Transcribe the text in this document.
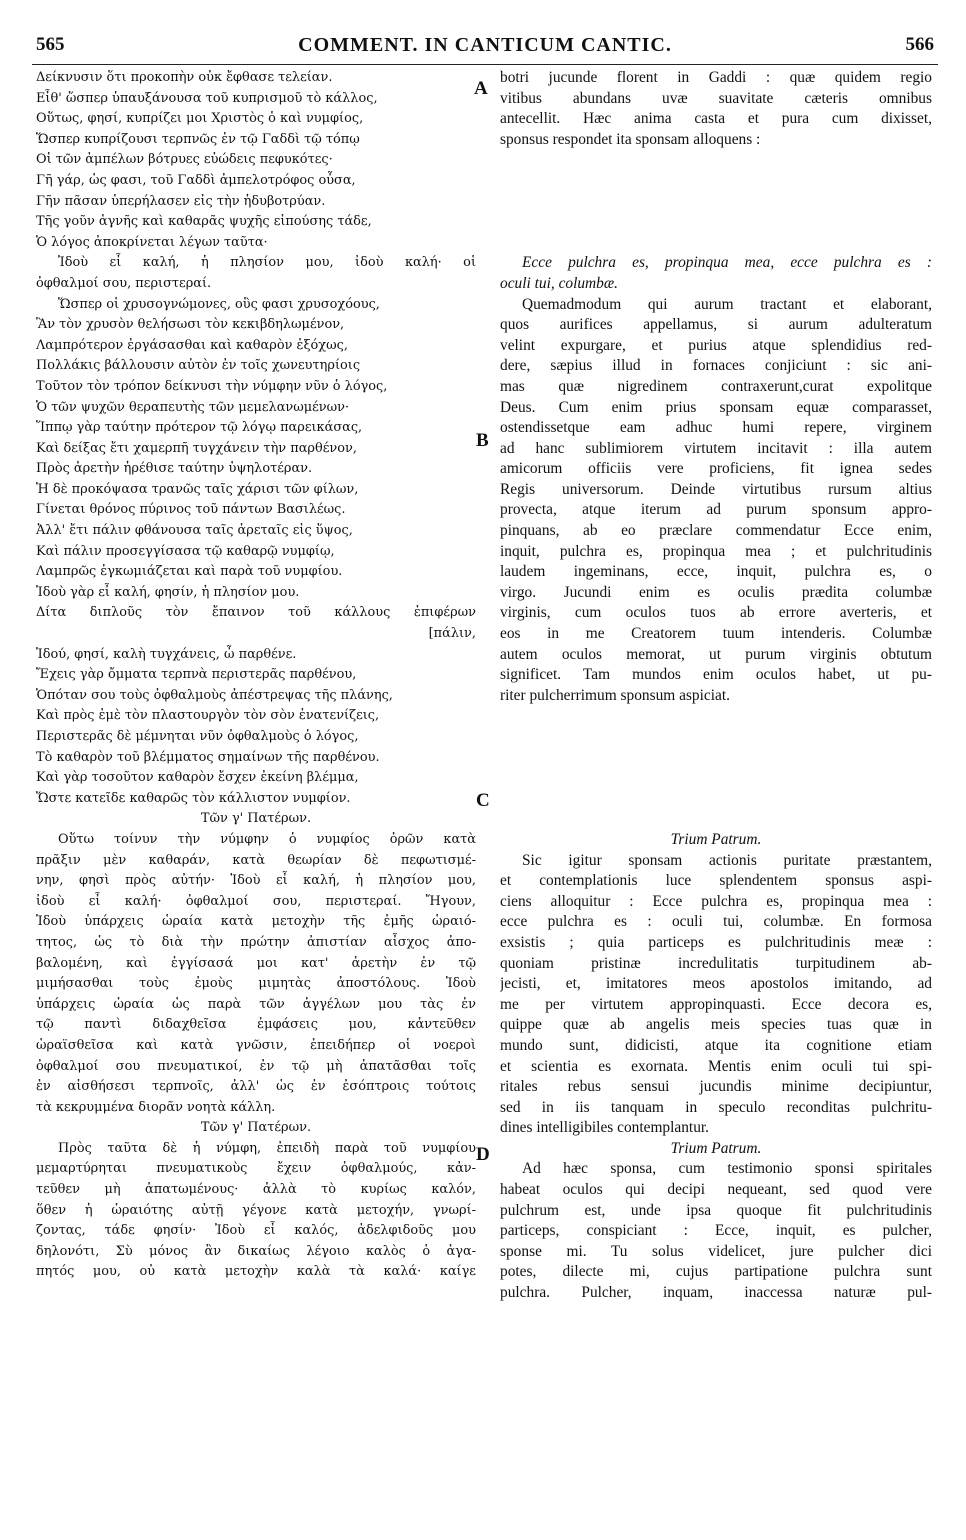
565	COMMENT. IN CANTICUM CANTIC.	566
A
B
C
D
Δείκνυσιν ὅτι προκοπὴν οὐκ ἔφθασε τελείαν.
Εἶθ' ὥσπερ ὑπαυξάνουσα τοῦ κυπρισμοῦ τὸ κάλλος,
Οὕτως, φησί, κυπρίζει μοι Χριστὸς ὁ καὶ νυμφίος,
Ὥσπερ κυπρίζουσι τερπνῶς ἐν τῷ Γαδδὶ τῷ τόπῳ
Οἱ τῶν ἀμπέλων βότρυες εὐώδεις πεφυκότες·
Γῆ γάρ, ὡς φασι, τοῦ Γαδδὶ ἀμπελοτρόφος οὖσα,
Γῆν πᾶσαν ὑπερήλασεν εἰς τὴν ἡδυβοτρύαν.
Τῆς γοῦν ἁγνῆς καὶ καθαρᾶς ψυχῆς εἰπούσης τάδε,
Ὁ λόγος ἀποκρίνεται λέγων ταῦτα·
Ἰδοὺ εἶ καλή, ἡ πλησίον μου, ἰδοὺ καλή· οἱ
ὀφθαλμοί σου, περιστεραί.
Ὥσπερ οἱ χρυσογνώμονες, οὓς φασι χρυσοχόους,
Ἂν τὸν χρυσὸν θελήσωσι τὸν κεκιβδηλωμένον,
Λαμπρότερον ἐργάσασθαι καὶ καθαρὸν ἐξόχως,
Πολλάκις βάλλουσιν αὐτὸν ἐν τοῖς χωνευτηρίοις
Τοῦτον τὸν τρόπον δείκνυσι τὴν νύμφην νῦν ὁ λόγος,
Ὁ τῶν ψυχῶν θεραπευτὴς τῶν μεμελανωμένων·
Ἵππῳ γὰρ ταύτην πρότερον τῷ λόγῳ παρεικάσας,
Καὶ δείξας ἔτι χαμερπῆ τυγχάνειν τὴν παρθένον,
Πρὸς ἀρετὴν ἠρέθισε ταύτην ὑψηλοτέραν.
Ἡ δὲ προκόψασα τρανῶς ταῖς χάρισι τῶν φίλων,
Γίνεται θρόνος πύρινος τοῦ πάντων Βασιλέως.
Ἀλλ' ἔτι πάλιν φθάνουσα ταῖς ἀρεταῖς εἰς ὕψος,
Καὶ πάλιν προσεγγίσασα τῷ καθαρῷ νυμφίῳ,
Λαμπρῶς ἐγκωμιάζεται καὶ παρὰ τοῦ νυμφίου.
Ἰδοὺ γὰρ εἶ καλή, φησίν, ἡ πλησίον μου.
Δίτα διπλοῦς τὸν ἔπαινον τοῦ κάλλους ἐπιφέρων
[πάλιν,
Ἰδού, φησί, καλὴ τυγχάνεις, ὦ παρθένε.
Ἔχεις γὰρ ὄμματα τερπνὰ περιστερᾶς παρθένου,
Ὁπόταν σου τοὺς ὀφθαλμοὺς ἀπέστρεψας τῆς πλάνης,
Καὶ πρὸς ἐμὲ τὸν πλαστουργὸν τὸν σὸν ἐνατενίζεις,
Περιστερᾶς δὲ μέμνηται νῦν ὀφθαλμοὺς ὁ λόγος,
Τὸ καθαρὸν τοῦ βλέμματος σημαίνων τῆς παρθένου.
Καὶ γὰρ τοσοῦτον καθαρὸν ἔσχεν ἐκείνη βλέμμα,
Ὥστε κατεῖδε καθαρῶς τὸν κάλλιστον νυμφίον.
Τῶν γ' Πατέρων.
Οὕτω τοίνυν τὴν νύμφην ὁ νυμφίος ὁρῶν κατὰ
πρᾶξιν μὲν καθαράν, κατὰ θεωρίαν δὲ πεφωτισμέ-
νην, φησὶ πρὸς αὐτήν· Ἰδοὺ εἶ καλή, ἡ πλησίον μου,
ἰδοὺ εἶ καλή· ὀφθαλμοί σου, περιστεραί. Ἤγουν,
Ἰδοὺ ὑπάρχεις ὡραία κατὰ μετοχὴν τῆς ἐμῆς ὡραιό-
τητος, ὡς τὸ διὰ τὴν πρώτην ἀπιστίαν αἶσχος ἀπο-
βαλομένη, καὶ ἐγγίσασά μοι κατ' ἀρετὴν ἐν τῷ
μιμήσασθαι τοὺς ἐμοὺς μιμητὰς ἀποστόλους. Ἰδοὺ
ὑπάρχεις ὡραία ὡς παρὰ τῶν ἀγγέλων μου τὰς ἐν
τῷ παντὶ διδαχθεῖσα ἐμφάσεις μου, κἀντεῦθεν
ὡραϊσθεῖσα καὶ κατὰ γνῶσιν, ἐπειδήπερ οἱ νοεροὶ
ὀφθαλμοί σου πνευματικοί, ἐν τῷ μὴ ἀπατᾶσθαι τοῖς
ἐν αἰσθήσεσι τερπνοῖς, ἀλλ' ὡς ἐν ἐσόπτροις τούτοις
τὰ κεκρυμμένα διορᾶν νοητὰ κάλλη.
Τῶν γ' Πατέρων.
Πρὸς ταῦτα δὲ ἡ νύμφη, ἐπειδὴ παρὰ τοῦ νυμφίου
μεμαρτύρηται πνευματικοὺς ἔχειν ὀφθαλμούς, κἀν-
τεῦθεν μὴ ἀπατωμένους· ἀλλὰ τὸ κυρίως καλόν,
ὅθεν ἡ ὡραιότης αὐτῇ γέγονε κατὰ μετοχήν, γνωρί-
ζοντας, τάδε φησίν· Ἰδοὺ εἶ καλός, ἀδελφιδοῦς μου
δηλονότι, Σὺ μόνος ἂν δικαίως λέγοιο καλὸς ὁ ἀγα-
πητός μου, οὐ κατὰ μετοχὴν καλὰ τὰ καλά· καίγε
botri jucunde florent in Gaddi : quæ quidem regio
vitibus abundans uvæ suavitate cæteris omnibus
antecellit. Hæc anima casta et pura cum dixisset,
sponsus respondet ita sponsam alloquens :
Ecce pulchra es, propinqua mea, ecce pulchra es :
oculi tui, columbæ.
Quemadmodum qui aurum tractant et elaborant,
quos aurifices appellamus, si aurum adulteratum
velint expurgare, et purius atque splendidius red-
dere, sæpius illud in fornaces conjiciunt : sic ani-
mas quæ nigredinem contraxerunt,curat expolitque
Deus. Cum enim prius sponsam equæ comparasset,
ostendissetque eam adhuc humi repere, virginem
ad hanc sublimiorem virtutem incitavit : illa autem
amicorum officiis vere proficiens, fit ignea sedes
Regis universorum. Deinde virtutibus rursum altius
provecta, atque iterum ad purum sponsum appro-
pinquans, ab eo præclare commendatur Ecce enim,
inquit, pulchra es, propinqua mea ; et pulchritudinis
laudem ingeminans, ecce, inquit, pulchra es, o
virgo. Jucundi enim es oculis prædita columbæ
virginis, cum oculos tuos ab errore averteris, et
eos in me Creatorem tuum intenderis. Columbæ
autem oculos memorat, ut purum virginis obtutum
significet. Tam mundos enim oculos habet, ut pu-
riter pulcherrimum sponsum aspiciat.
Trium Patrum.
Sic igitur sponsam actionis puritate præstantem,
et contemplationis luce splendentem sponsus aspi-
ciens alloquitur : Ecce pulchra es, propinqua mea :
ecce pulchra es : oculi tui, columbæ. En formosa
exsistis ; quia particeps es pulchritudinis meæ :
quoniam pristinæ incredulitatis turpitudinem ab-
jecisti, et, imitatores meos apostolos imitando, ad
me per virtutem appropinquasti. Ecce decora es,
quippe quæ ab angelis meis species tuas quæ in
mundo sunt, didicisti, atque ita cognitione etiam
et scientia es exornata. Mentis enim oculi tui spi-
ritales rebus sensui jucundis minime decipiuntur,
sed in iis tanquam in speculo reconditas pulchritu-
dines intelligibiles contemplantur.
Trium Patrum.
Ad hæc sponsa, cum testimonio sponsi spiritales
habeat oculos qui decipi nequeant, sed quod vere
pulchrum est, unde ipsa quoque fit pulchritudinis
particeps, conspiciant : Ecce, inquit, es pulcher,
sponse mi. Tu solus videlicet, jure pulcher dici
potes, dilecte mi, cujus partipatione pulchra sunt
pulchra. Pulcher, inquam, inaccessa naturæ pul-
